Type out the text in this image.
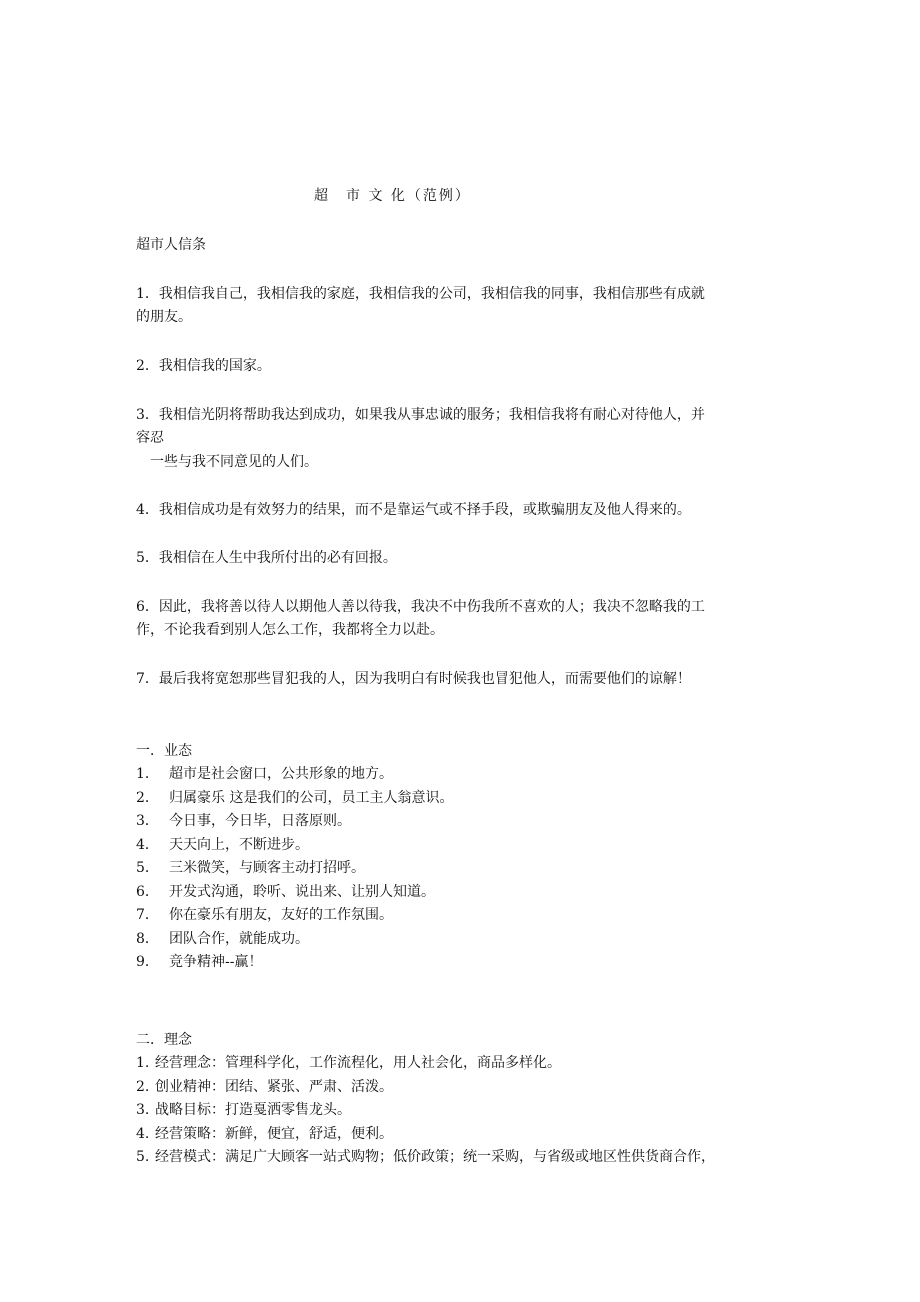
超　市 文 化（范例）
超市人信条
1．我相信我自己，我相信我的家庭，我相信我的公司，我相信我的同事，我相信那些有成就
的朋友。
2．我相信我的国家。
3．我相信光阴将帮助我达到成功，如果我从事忠诚的服务；我相信我将有耐心对待他人，并
容忍
　一些与我不同意见的人们。
4．我相信成功是有效努力的结果，而不是靠运气或不择手段，或欺骗朋友及他人得来的。
5．我相信在人生中我所付出的必有回报。
6．因此，我将善以待人以期他人善以待我，我决不中伤我所不喜欢的人；我决不忽略我的工
作，不论我看到别人怎么工作，我都将全力以赴。
7．最后我将宽恕那些冒犯我的人，因为我明白有时候我也冒犯他人，而需要他们的谅解！
一．业态
1． 超市是社会窗口，公共形象的地方。
2． 归属豪乐 这是我们的公司，员工主人翁意识。
3． 今日事，今日毕，日落原则。
4． 天天向上，不断进步。
5． 三米微笑，与顾客主动打招呼。
6． 开发式沟通，聆听、说出来、让别人知道。
7． 你在豪乐有朋友，友好的工作氛围。
8． 团队合作，就能成功。
9． 竞争精神--赢！
二．理念
1. 经营理念：管理科学化，工作流程化，用人社会化，商品多样化。
2. 创业精神：团结、紧张、严肃、活泼。
3. 战略目标：打造戛洒零售龙头。
4. 经营策略：新鲜，便宜，舒适，便利。
5. 经营模式：满足广大顾客一站式购物；低价政策；统一采购，与省级或地区性供货商合作，
